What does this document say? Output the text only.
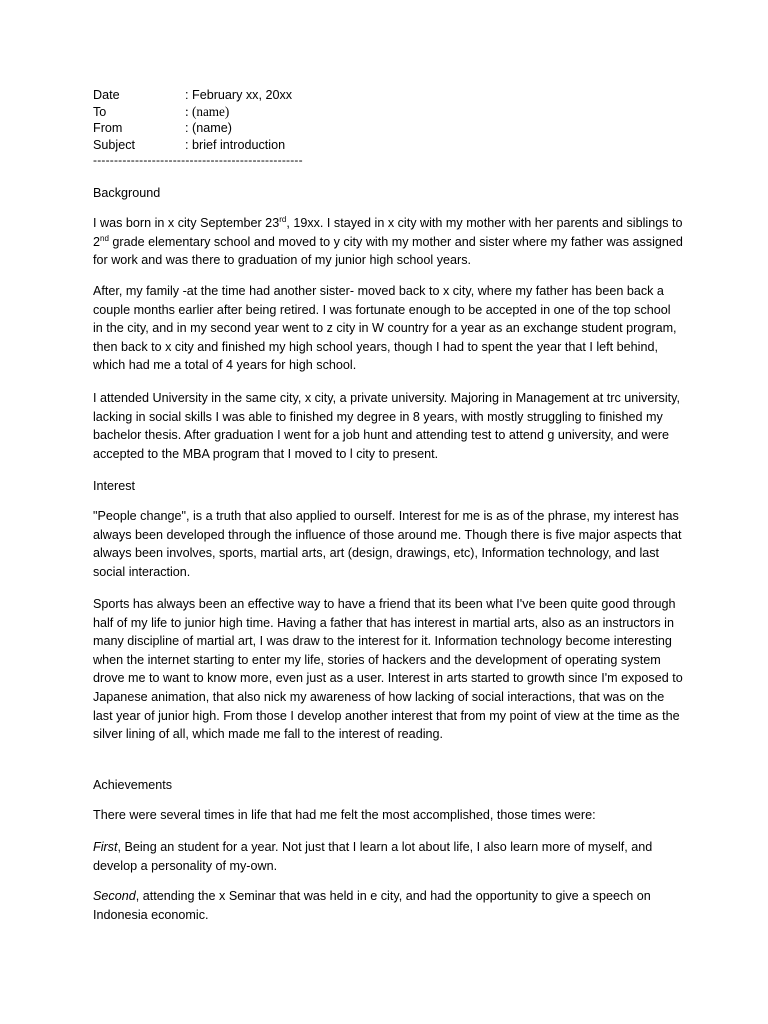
Date	: February xx, 20xx
To	: (name)
From	: (name)
Subject	: brief introduction
--------------------------------------------------
Background

I was born in x city September 23rd, 19xx. I stayed in x city with my mother with her parents and siblings to 2nd grade elementary school and moved to y city with my mother and sister where my father was assigned for work and was there to graduation of my junior high school years.

After, my family -at the time had another sister- moved back to x city, where my father has been back a couple months earlier after being retired. I was fortunate enough to be accepted in one of the top school in the city, and in my second year went to z city in W country for a year as an exchange student program, then back to x city and finished my high school years, though I had to spent the year that I left behind, which had me a total of 4 years for high school.

I attended University in the same city, x city, a private university. Majoring in Management at trc university, lacking in social skills I was able to finished my degree in 8 years, with mostly struggling to finished my bachelor thesis. After graduation I went for a job hunt and attending test to attend g university, and were accepted to the MBA program that I moved to l city to present.

Interest

"People change", is a truth that also applied to ourself. Interest for me is as of the phrase, my interest has always been developed through the influence of those around me. Though there is five major aspects that always been involves, sports, martial arts, art (design, drawings, etc), Information technology, and last social interaction.

Sports has always been an effective way to have a friend that its been what I've been quite good through half of my life to junior high time. Having a father that has interest in martial arts, also as an instructors in many discipline of martial art, I was draw to the interest for it. Information technology become interesting when the internet starting to enter my life, stories of hackers and the development of operating system drove me to want to know more, even just as a user. Interest in arts started to growth since I'm exposed to Japanese animation, that also nick my awareness of how lacking of social interactions, that was on the last year of junior high. From those I develop another interest that from my point of view at the time as the silver lining of all, which made me fall to the interest of reading.

Achievements

There were several times in life that had me felt the most accomplished, those times were:

First, Being an student for a year. Not just that I learn a lot about life, I also learn more of myself, and develop a personality of my-own.

Second, attending the x Seminar that was held in e city, and had the opportunity to give a speech on Indonesia economic.
